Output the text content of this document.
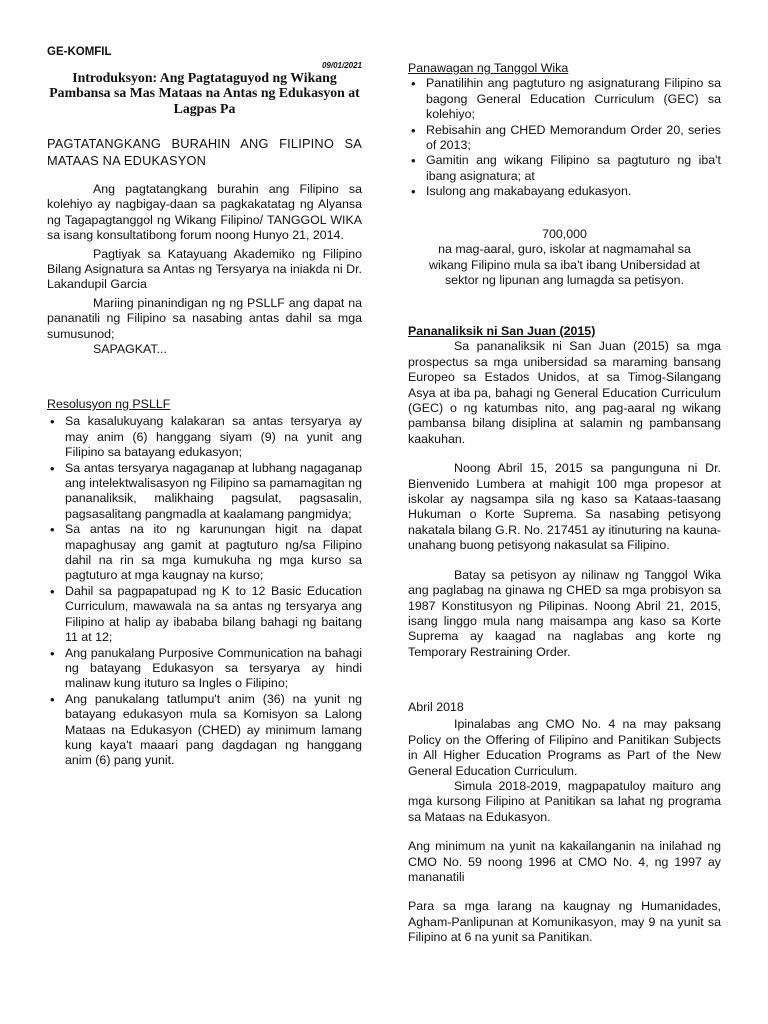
GE-KOMFIL
09/01/2021
Introduksyon: Ang Pagtataguyod ng Wikang Pambansa sa Mas Mataas na Antas ng Edukasyon at Lagpas Pa
PAGTATANGKANG BURAHIN ANG FILIPINO SA MATAAS NA EDUKASYON

Ang pagtatangkang burahin ang Filipino sa kolehiyo ay nagbigay-daan sa pagkakatatag ng Alyansa ng Tagapagtanggol ng Wikang Filipino/ TANGGOL WIKA sa isang konsultatibong forum noong Hunyo 21, 2014.

Pagtiyak sa Katayuang Akademiko ng Filipino Bilang Asignatura sa Antas ng Tersyarya na iniakda ni Dr. Lakandupil Garcia

Mariing pinanindigan ng ng PSLLF ang dapat na pananatili ng Filipino sa nasabing antas dahil sa mga sumusunod;

SAPAGKAT...

Resolusyon ng PSLLF

• Sa kasalukuyang kalakaran sa antas tersyarya ay may anim (6) hanggang siyam (9) na yunit ang Filipino sa batayang edukasyon;
• Sa antas tersyarya nagaganap at lubhang nagaganap ang intelektwalisasyon ng Filipino sa pamamagitan ng pananaliksik, malikhaing pagsulat, pagsasalin, pagsasalitang pangmadla at kaalamang pangmidya;
• Sa antas na ito ng karunungan higit na dapat mapaghusay ang gamit at pagtuturo ng/sa Filipino dahil na rin sa mga kumukuha ng mga kurso sa pagtuturo at mga kaugnay na kurso;
• Dahil sa pagpapatupad ng K to 12 Basic Education Curriculum, mawawala na sa antas ng tersyarya ang Filipino at halip ay ibababa bilang bahagi ng baitang 11 at 12;
• Ang panukalang Purposive Communication na bahagi ng batayang Edukasyon sa tersyarya ay hindi malinaw kung ituturo sa Ingles o Filipino;
• Ang panukalang tatlumpu't anim (36) na yunit ng batayang edukasyon mula sa Komisyon sa Lalong Mataas na Edukasyon (CHED) ay minimum lamang kung kaya't maaari pang dagdagan ng hanggang anim (6) pang yunit.

Panawagan ng Tanggol Wika

• Panatilihin ang pagtuturo ng asignaturang Filipino sa bagong General Education Curriculum (GEC) sa kolehiyo;
• Rebisahin ang CHED Memorandum Order 20, series of 2013;
• Gamitin ang wikang Filipino sa pagtuturo ng iba't ibang asignatura; at
• Isulong ang makabayang edukasyon.

700,000

na mag-aaral, guro, iskolar at nagmamahal sa wikang Filipino mula sa iba't ibang Unibersidad at sektor ng lipunan ang lumagda sa petisyon.

Pananaliksik ni San Juan (2015)

Sa pananaliksik ni San Juan (2015) sa mga prospectus sa mga unibersidad sa maraming bansang Europeo sa Estados Unidos, at sa Timog-Silangang Asya at iba pa, bahagi ng General Education Curriculum (GEC) o ng katumbas nito, ang pag-aaral ng wikang pambansa bilang disiplina at salamin ng pambansang kaakuhan.

Noong Abril 15, 2015 sa pangunguna ni Dr. Bienvenido Lumbera at mahigit 100 mga propesor at iskolar ay nagsampa sila ng kaso sa Kataas-taasang Hukuman o Korte Suprema. Sa nasabing petisyong nakatala bilang G.R. No. 217451 ay itinuturing na kauna-unahang buong petisyong nakasulat sa Filipino.

Batay sa petisyon ay nilinaw ng Tanggol Wika ang paglabag na ginawa ng CHED sa mga probisyon sa 1987 Konstitusyon ng Pilipinas. Noong Abril 21, 2015, isang linggo mula nang maisampa ang kaso sa Korte Suprema ay kaagad na naglabas ang korte ng Temporary Restraining Order.

Abril 2018

Ipinalabas ang CMO No. 4 na may paksang Policy on the Offering of Filipino and Panitikan Subjects in All Higher Education Programs as Part of the New General Education Curriculum.

Simula 2018-2019, magpapatuloy maituro ang mga kursong Filipino at Panitikan sa lahat ng programa sa Mataas na Edukasyon.

Ang minimum na yunit na kakailanganin na inilahad ng CMO No. 59 noong 1996 at CMO No. 4, ng 1997 ay mananatili

Para sa mga larang na kaugnay ng Humanidades, Agham-Panlipunan at Komunikasyon, may 9 na yunit sa Filipino at 6 na yunit sa Panitikan.
